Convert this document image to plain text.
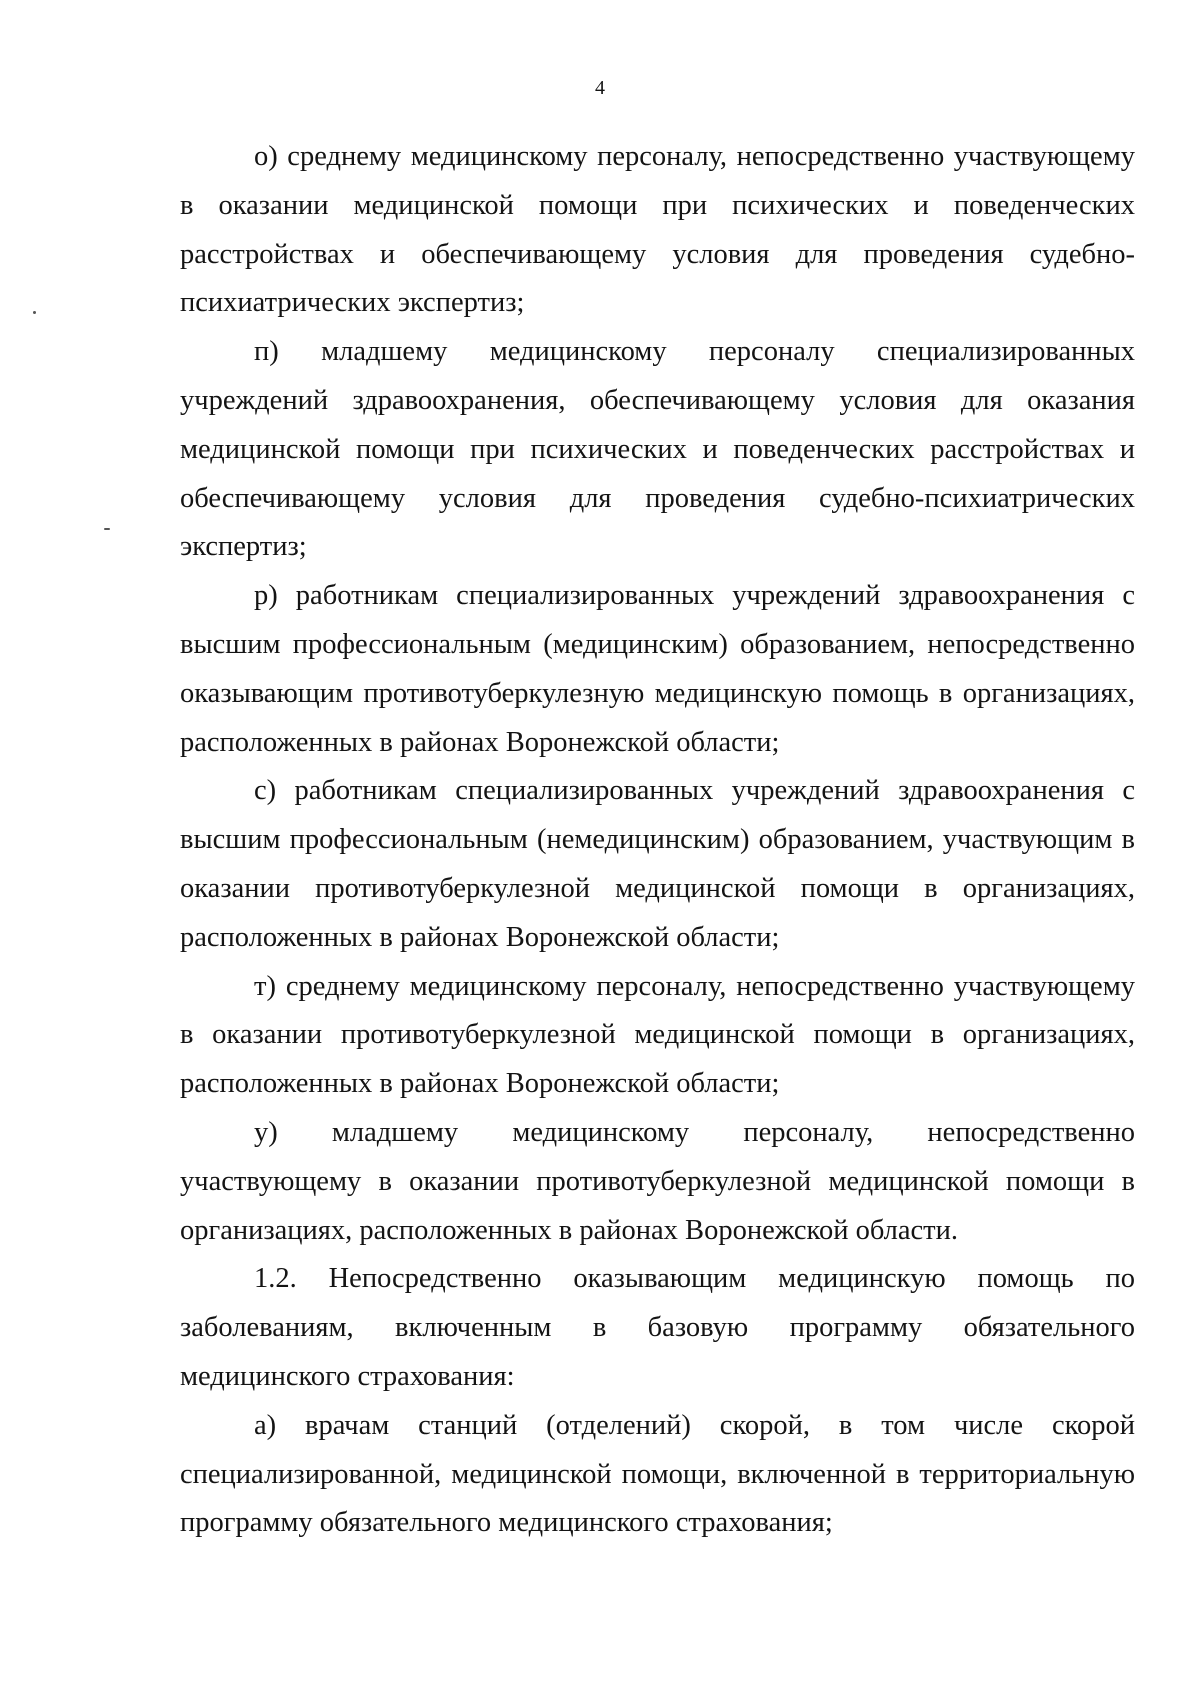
4

о) среднему медицинскому персоналу, непосредственно участвующему в оказании медицинской помощи при психических и поведенческих расстройствах и обеспечивающему условия для проведения судебно-психиатрических экспертиз;

п) младшему медицинскому персоналу специализированных учреждений здравоохранения, обеспечивающему условия для оказания медицинской помощи при психических и поведенческих расстройствах и обеспечивающему условия для проведения судебно-психиатрических экспертиз;

р) работникам специализированных учреждений здравоохранения с высшим профессиональным (медицинским) образованием, непосредственно оказывающим противотуберкулезную медицинскую помощь в организациях, расположенных в районах Воронежской области;

с) работникам специализированных учреждений здравоохранения с высшим профессиональным (немедицинским) образованием, участвующим в оказании противотуберкулезной медицинской помощи в организациях, расположенных в районах Воронежской области;

т) среднему медицинскому персоналу, непосредственно участвующему в оказании противотуберкулезной медицинской помощи в организациях, расположенных в районах Воронежской области;

у) младшему медицинскому персоналу, непосредственно участвующему в оказании противотуберкулезной медицинской помощи в организациях, расположенных в районах Воронежской области.

1.2. Непосредственно оказывающим медицинскую помощь по заболеваниям, включенным в базовую программу обязательного медицинского страхования:

а) врачам станций (отделений) скорой, в том числе скорой специализированной, медицинской помощи, включенной в территориальную программу обязательного медицинского страхования;
